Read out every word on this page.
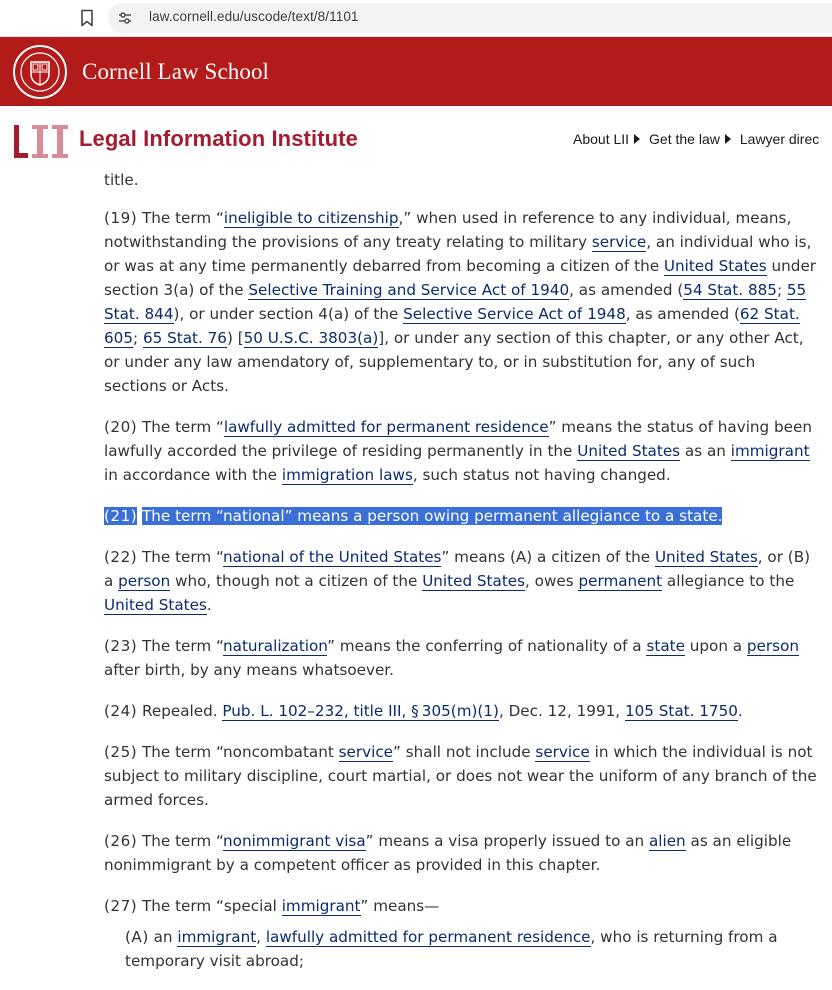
law.cornell.edu/uscode/text/8/1101
Cornell Law School
Legal Information Institute	About LII Get the law Lawyer direc
title.
(19) The term “ineligible to citizenship,” when used in reference to any individual, means, notwithstanding the provisions of any treaty relating to military service, an individual who is, or was at any time permanently debarred from becoming a citizen of the United States under section 3(a) of the Selective Training and Service Act of 1940, as amended (54 Stat. 885; 55 Stat. 844), or under section 4(a) of the Selective Service Act of 1948, as amended (62 Stat. 605; 65 Stat. 76) [50 U.S.C. 3803(a)], or under any section of this chapter, or any other Act, or under any law amendatory of, supplementary to, or in substitution for, any of such sections or Acts.
(20) The term “lawfully admitted for permanent residence” means the status of having been lawfully accorded the privilege of residing permanently in the United States as an immigrant in accordance with the immigration laws, such status not having changed.
(21) The term “national” means a person owing permanent allegiance to a state.
(22) The term “national of the United States” means (A) a citizen of the United States, or (B) a person who, though not a citizen of the United States, owes permanent allegiance to the United States.
(23) The term “naturalization” means the conferring of nationality of a state upon a person after birth, by any means whatsoever.
(24) Repealed. Pub. L. 102–232, title III, § 305(m)(1), Dec. 12, 1991, 105 Stat. 1750.
(25) The term “noncombatant service” shall not include service in which the individual is not subject to military discipline, court martial, or does not wear the uniform of any branch of the armed forces.
(26) The term “nonimmigrant visa” means a visa properly issued to an alien as an eligible nonimmigrant by a competent officer as provided in this chapter.
(27) The term “special immigrant” means—
(A) an immigrant, lawfully admitted for permanent residence, who is returning from a temporary visit abroad;
